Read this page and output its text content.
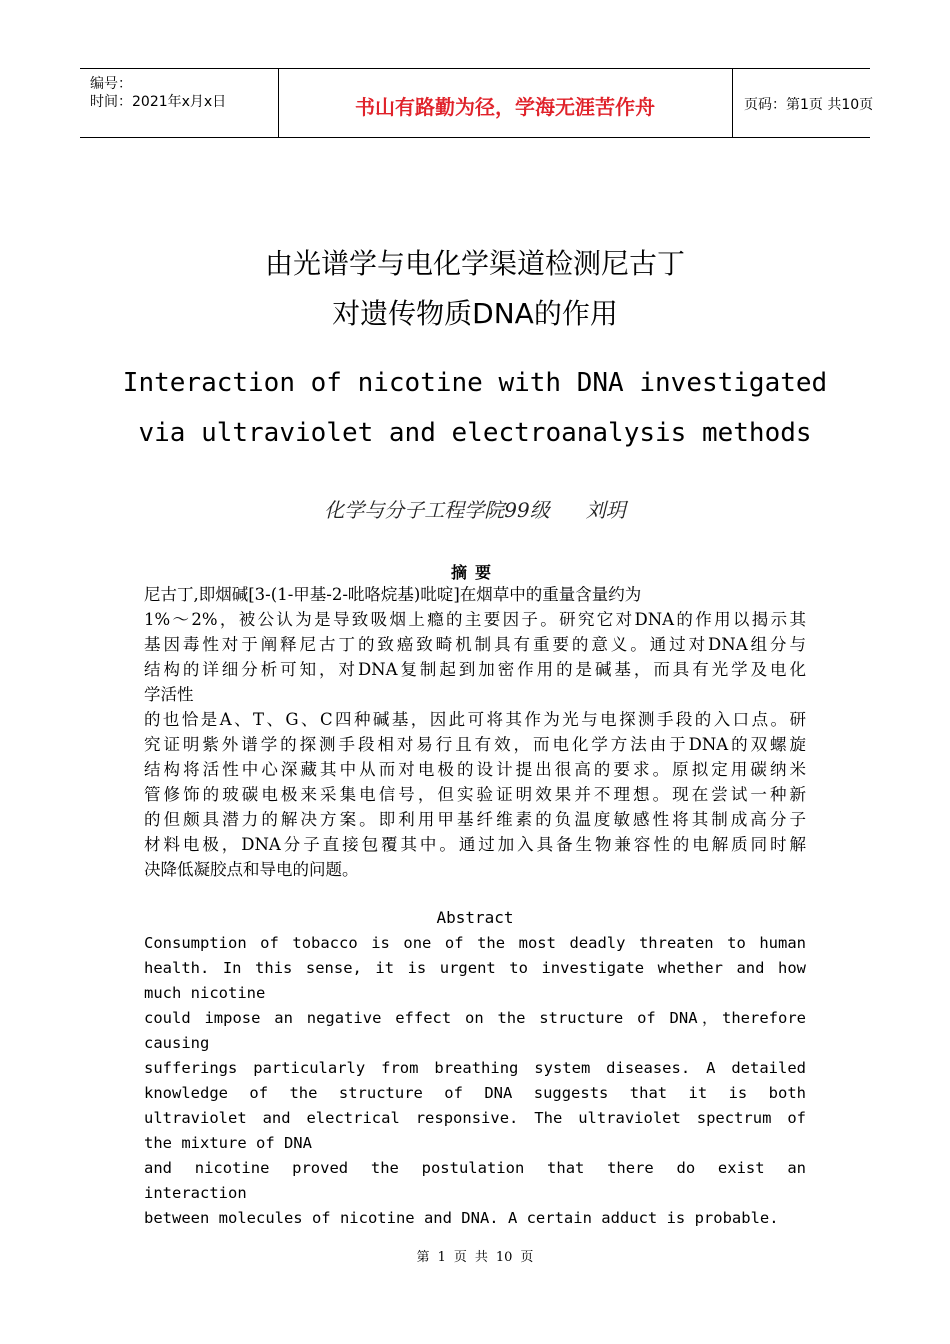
编号：
时间：2021年x月x日	书山有路勤为径，学海无涯苦作舟	页码：第1页 共10页
由光谱学与电化学渠道检测尼古丁
对遗传物质DNA的作用
Interaction of nicotine with DNA investigated
via ultraviolet and electroanalysis methods
化学与分子工程学院99级 刘玥
摘要
尼古丁,即烟碱[3-(1-甲基-2-吡咯烷基)吡啶]在烟草中的重量含量约为
1%～2%，被公认为是导致吸烟上瘾的主要因子。研究它对DNA的作用以揭示其
基因毒性对于阐释尼古丁的致癌致畸机制具有重要的意义。通过对DNA组分与
结构的详细分析可知，对DNA复制起到加密作用的是碱基，而具有光学及电化
学活性
的也恰是A、T、G、C四种碱基，因此可将其作为光与电探测手段的入口点。研
究证明紫外谱学的探测手段相对易行且有效，而电化学方法由于DNA的双螺旋
结构将活性中心深藏其中从而对电极的设计提出很高的要求。原拟定用碳纳米
管修饰的玻碳电极来采集电信号，但实验证明效果并不理想。现在尝试一种新
的但颇具潜力的解决方案。即利用甲基纤维素的负温度敏感性将其制成高分子
材料电极，DNA分子直接包覆其中。通过加入具备生物兼容性的电解质同时解
决降低凝胶点和导电的问题。
Abstract
Consumption of tobacco is one of the most deadly threaten to human
health. In this sense, it is urgent to investigate whether and how
much nicotine
could impose an negative effect on the structure of DNA，therefore
causing
sufferings particularly from breathing system diseases. A detailed
knowledge of the structure of DNA suggests that it is both
ultraviolet and electrical responsive. The ultraviolet spectrum of
the mixture of DNA
and nicotine proved the postulation that there do exist an
interaction
between molecules of nicotine and DNA. A certain adduct is probable.
第 1 页 共 10 页
